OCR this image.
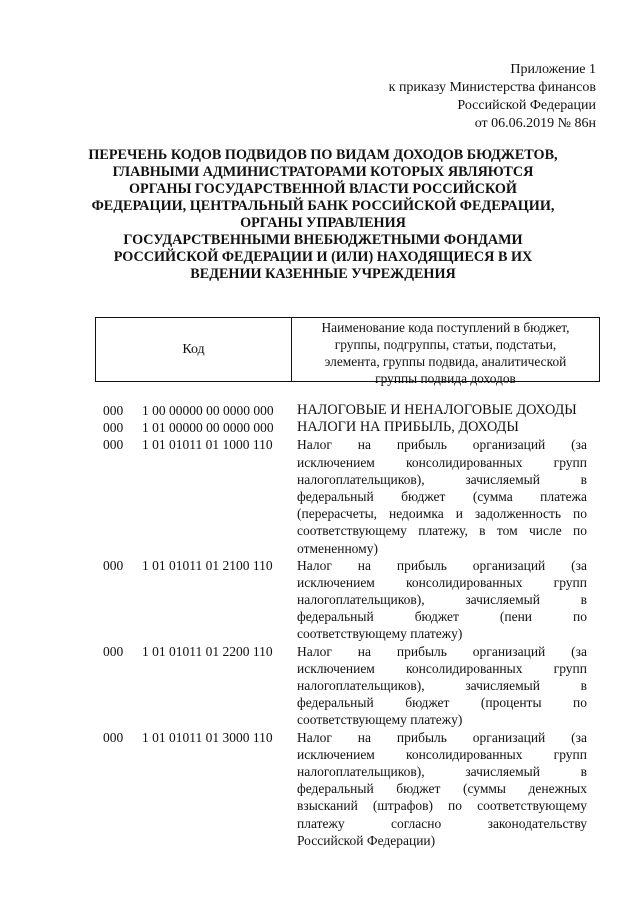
Приложение 1
к приказу Министерства финансов
Российской Федерации
от 06.06.2019 № 86н
ПЕРЕЧЕНЬ КОДОВ ПОДВИДОВ ПО ВИДАМ ДОХОДОВ БЮДЖЕТОВ,
ГЛАВНЫМИ АДМИНИСТРАТОРАМИ КОТОРЫХ ЯВЛЯЮТСЯ
ОРГАНЫ ГОСУДАРСТВЕННОЙ ВЛАСТИ РОССИЙСКОЙ
ФЕДЕРАЦИИ, ЦЕНТРАЛЬНЫЙ БАНК РОССИЙСКОЙ ФЕДЕРАЦИИ,
ОРГАНЫ УПРАВЛЕНИЯ
ГОСУДАРСТВЕННЫМИ ВНЕБЮДЖЕТНЫМИ ФОНДАМИ
РОССИЙСКОЙ ФЕДЕРАЦИИ И (ИЛИ) НАХОДЯЩИЕСЯ В ИХ
ВЕДЕНИИ КАЗЕННЫЕ УЧРЕЖДЕНИЯ
Код
Наименование кода поступлений в бюджет,
группы, подгруппы, статьи, подстатьи,
элемента, группы подвида, аналитической
группы подвида доходов
000 1 00 00000 00 0000 000 НАЛОГОВЫЕ И НЕНАЛОГОВЫЕ ДОХОДЫ
000 1 01 00000 00 0000 000 НАЛОГИ НА ПРИБЫЛЬ, ДОХОДЫ
000 1 01 01011 01 1000 110 Налог на прибыль организаций (за
исключением консолидированных групп
налогоплательщиков), зачисляемый в
федеральный бюджет (сумма платежа
(перерасчеты, недоимка и задолженность по
соответствующему платежу, в том числе по
отмененному)
000 1 01 01011 01 2100 110 Налог на прибыль организаций (за
исключением консолидированных групп
налогоплательщиков), зачисляемый в
федеральный бюджет (пени по
соответствующему платежу)
000 1 01 01011 01 2200 110 Налог на прибыль организаций (за
исключением консолидированных групп
налогоплательщиков), зачисляемый в
федеральный бюджет (проценты по
соответствующему платежу)
000 1 01 01011 01 3000 110 Налог на прибыль организаций (за
исключением консолидированных групп
налогоплательщиков), зачисляемый в
федеральный бюджет (суммы денежных
взысканий (штрафов) по соответствующему
платежу согласно законодательству
Российской Федерации)
